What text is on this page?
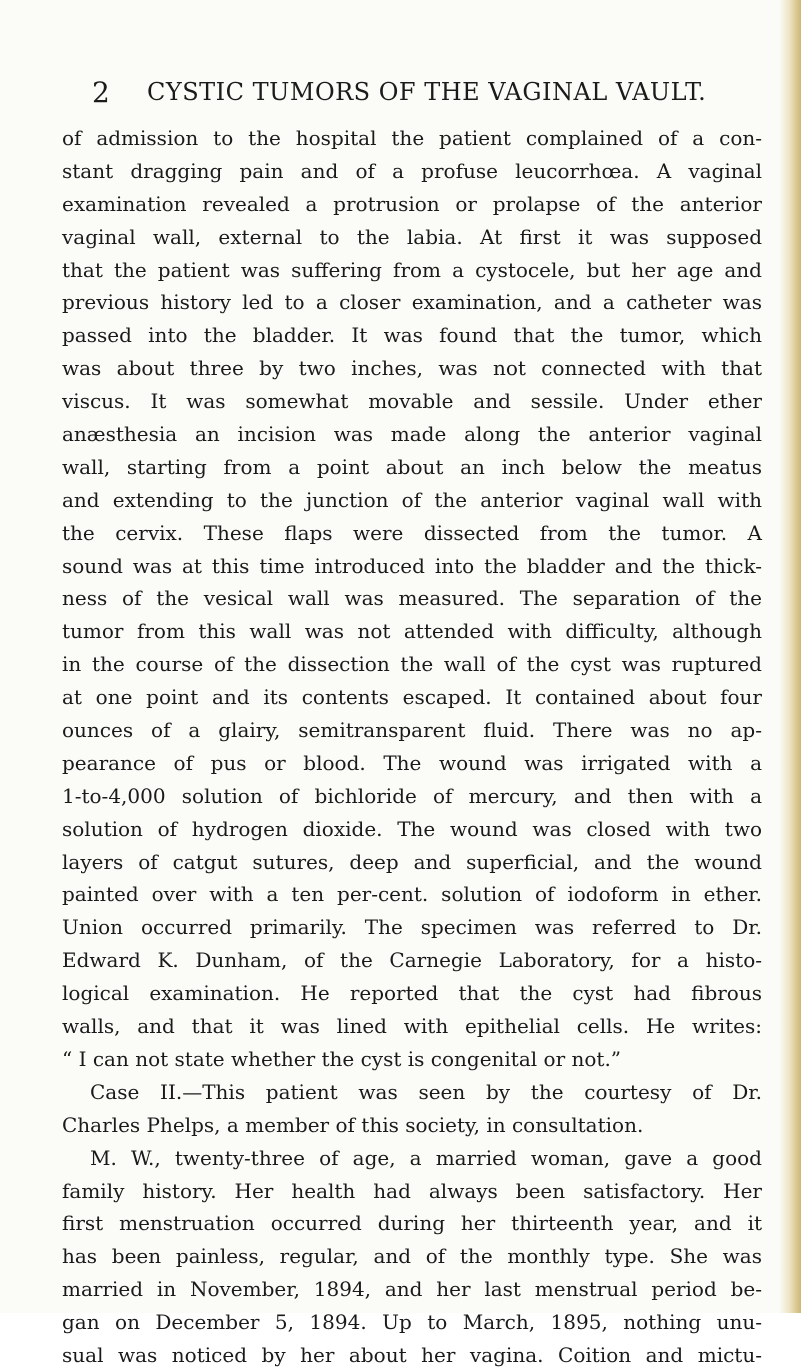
2 CYSTIC TUMORS OF THE VAGINAL VAULT.
of admission to the hospital the patient complained of a con-
stant dragging pain and of a profuse leucorrhœa. A vaginal
examination revealed a protrusion or prolapse of the anterior
vaginal wall, external to the labia. At first it was supposed
that the patient was suffering from a cystocele, but her age and
previous history led to a closer examination, and a catheter was
passed into the bladder. It was found that the tumor, which
was about three by two inches, was not connected with that
viscus. It was somewhat movable and sessile. Under ether
anæsthesia an incision was made along the anterior vaginal
wall, starting from a point about an inch below the meatus
and extending to the junction of the anterior vaginal wall with
the cervix. These flaps were dissected from the tumor. A
sound was at this time introduced into the bladder and the thick-
ness of the vesical wall was measured. The separation of the
tumor from this wall was not attended with difficulty, although
in the course of the dissection the wall of the cyst was ruptured
at one point and its contents escaped. It contained about four
ounces of a glairy, semitransparent fluid. There was no ap-
pearance of pus or blood. The wound was irrigated with a
1-to-4,000 solution of bichloride of mercury, and then with a
solution of hydrogen dioxide. The wound was closed with two
layers of catgut sutures, deep and superficial, and the wound
painted over with a ten per-cent. solution of iodoform in ether.
Union occurred primarily. The specimen was referred to Dr.
Edward K. Dunham, of the Carnegie Laboratory, for a histo-
logical examination. He reported that the cyst had fibrous
walls, and that it was lined with epithelial cells. He writes:
“ I can not state whether the cyst is congenital or not.”
Case II.—This patient was seen by the courtesy of Dr.
Charles Phelps, a member of this society, in consultation.
M. W., twenty-three of age, a married woman, gave a good
family history. Her health had always been satisfactory. Her
first menstruation occurred during her thirteenth year, and it
has been painless, regular, and of the monthly type. She was
married in November, 1894, and her last menstrual period be-
gan on December 5, 1894. Up to March, 1895, nothing unu-
sual was noticed by her about her vagina. Coition and mictu-
